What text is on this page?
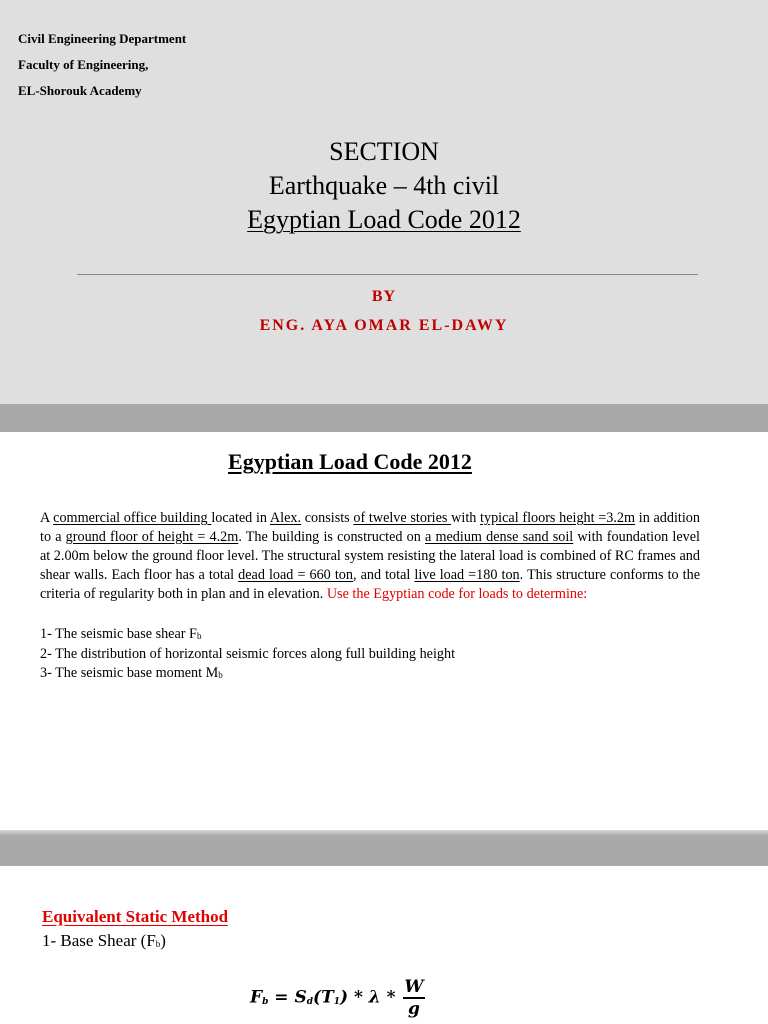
Civil Engineering Department
Faculty of Engineering,
EL-Shorouk Academy
SECTION
Earthquake – 4th civil
Egyptian Load Code 2012
BY
ENG. AYA OMAR EL-DAWY
Egyptian Load Code 2012
A commercial office building located in Alex. consists of twelve stories with typical floors height =3.2m in addition to a ground floor of height = 4.2m. The building is constructed on a medium dense sand soil with foundation level at 2.00m below the ground floor level. The structural system resisting the lateral load is combined of RC frames and shear walls. Each floor has a total dead load = 660 ton, and total live load =180 ton. This structure conforms to the criteria of regularity both in plan and in elevation. Use the Egyptian code for loads to determine:
1- The seismic base shear $F_b$
2- The distribution of horizontal seismic forces along full building height
3- The seismic base moment $M_b$
Equivalent Static Method
1- Base Shear $(F_b)$
$F_b = S_d(T_1) * \lambda * \frac{W}{g}$
